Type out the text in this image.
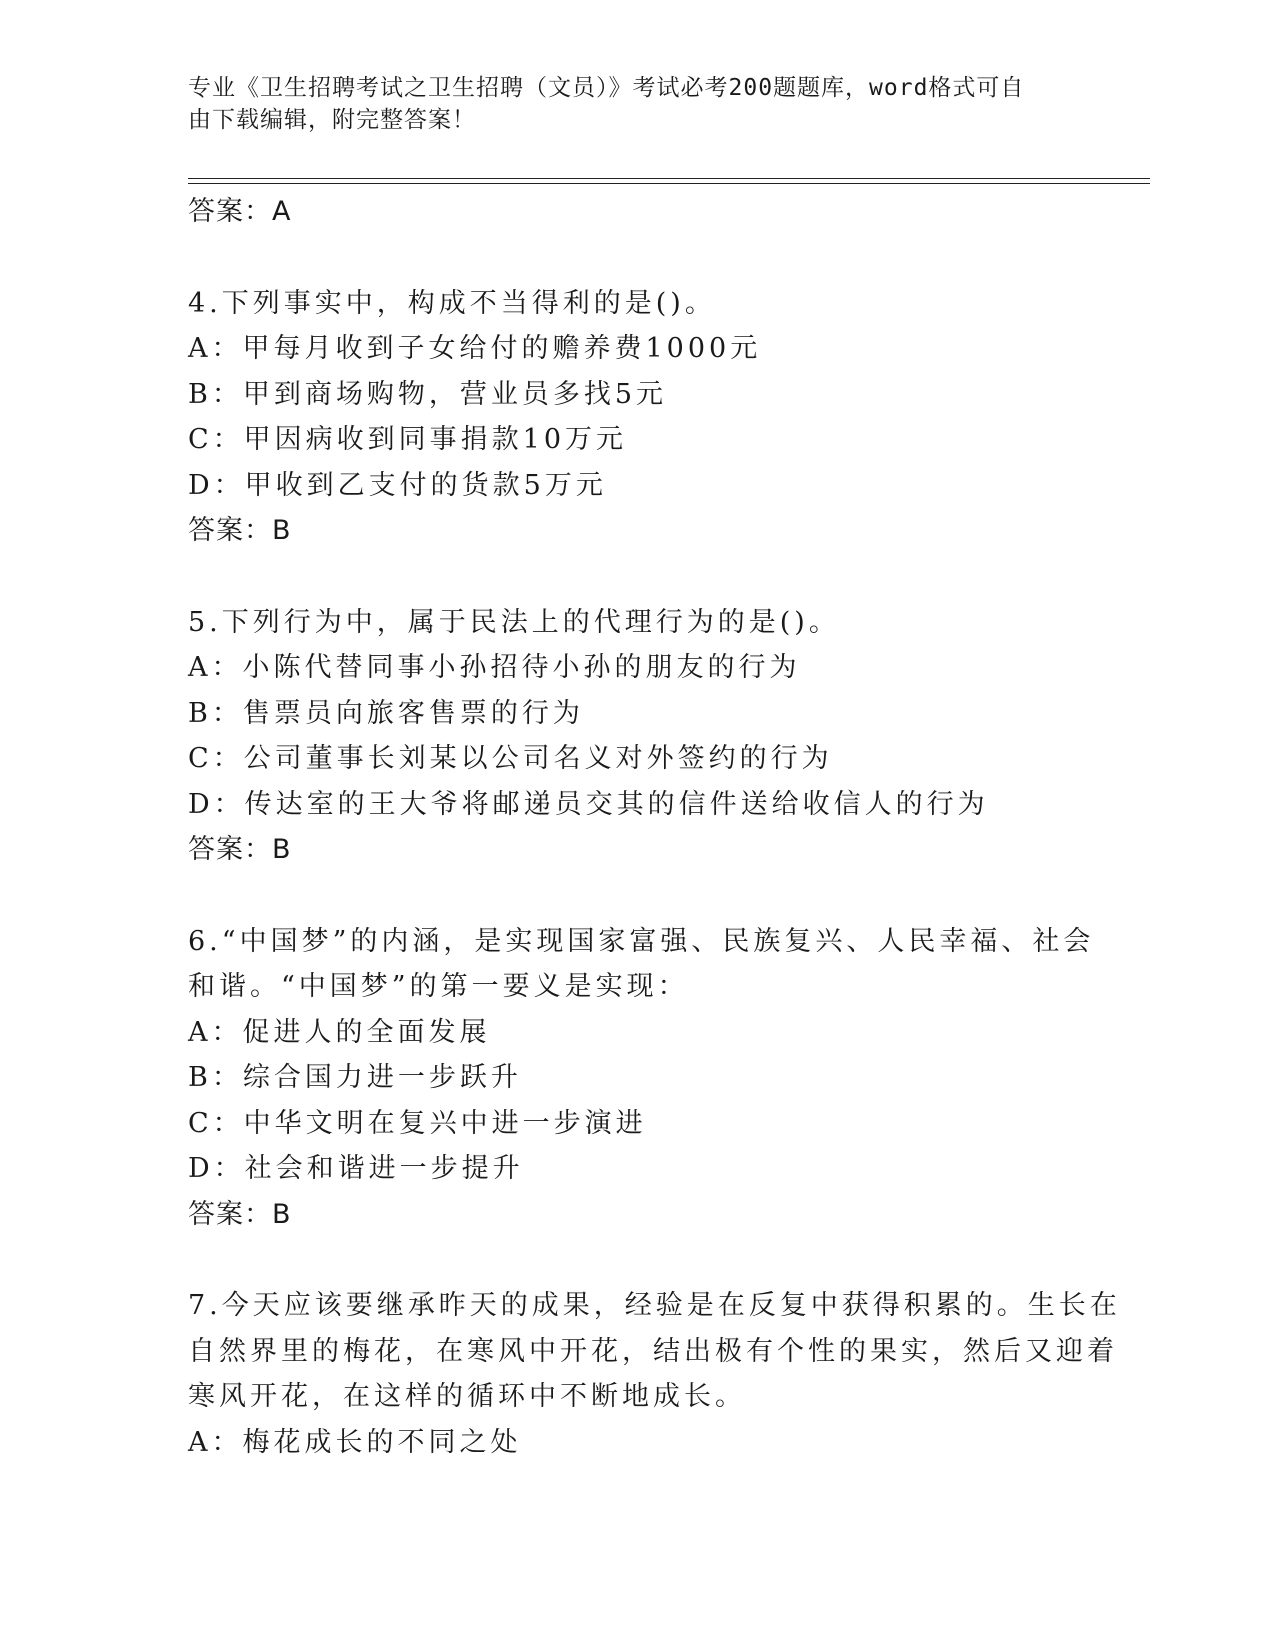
专业《卫生招聘考试之卫生招聘（文员）》考试必考200题题库，word格式可自
由下载编辑，附完整答案！
答案：A
4.下列事实中，构成不当得利的是()。
A：甲每月收到子女给付的赡养费1000元
B：甲到商场购物，营业员多找5元
C：甲因病收到同事捐款10万元
D：甲收到乙支付的货款5万元
答案：B
5.下列行为中，属于民法上的代理行为的是()。
A：小陈代替同事小孙招待小孙的朋友的行为
B：售票员向旅客售票的行为
C：公司董事长刘某以公司名义对外签约的行为
D：传达室的王大爷将邮递员交其的信件送给收信人的行为
答案：B
6.“中国梦”的内涵，是实现国家富强、民族复兴、人民幸福、社会
和谐。“中国梦”的第一要义是实现：
A：促进人的全面发展
B：综合国力进一步跃升
C：中华文明在复兴中进一步演进
D：社会和谐进一步提升
答案：B
7.今天应该要继承昨天的成果，经验是在反复中获得积累的。生长在
自然界里的梅花，在寒风中开花，结出极有个性的果实，然后又迎着
寒风开花，在这样的循环中不断地成长。
A：梅花成长的不同之处
